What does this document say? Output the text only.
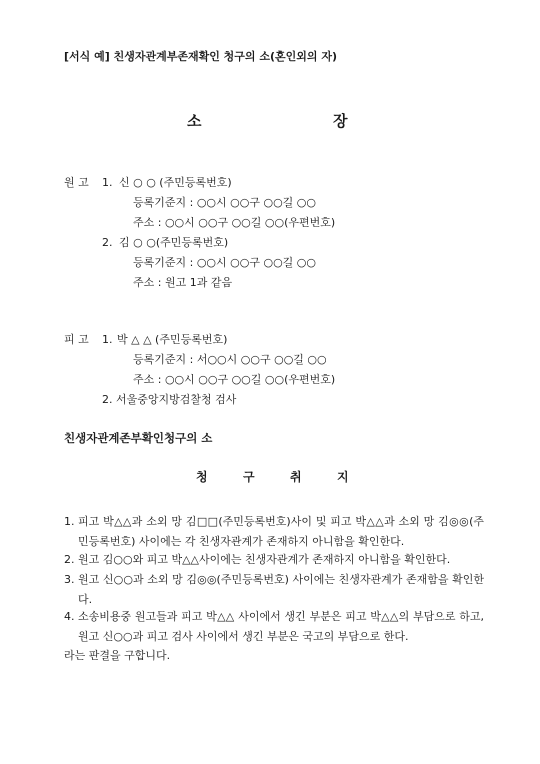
[서식 예] 친생자관계부존재확인 청구의 소(혼인외의 자)
소	장
원 고 1. 신 ○ ○ (주민등록번호)
등록기준지 : ○○시 ○○구 ○○길 ○○
주소 : ○○시 ○○구 ○○길 ○○(우편번호)
2. 김 ○ ○(주민등록번호)
등록기준지 : ○○시 ○○구 ○○길 ○○
주소 : 원고 1과 같음
피 고 1. 박 △ △ (주민등록번호)
등록기준지 : 서○○시 ○○구 ○○길 ○○
주소 : ○○시 ○○구 ○○길 ○○(우편번호)
2. 서울중앙지방검찰청 검사
친생자관계존부확인청구의 소
청	구	취	지
1. 피고 박△△과 소외 망 김□□(주민등록번호)사이 및 피고 박△△과 소외 망 김◎◎(주민등록번호) 사이에는 각 친생자관계가 존재하지 아니함을 확인한다.
2. 원고 김○○와 피고 박△△사이에는 친생자관계가 존재하지 아니함을 확인한다.
3. 원고 신○○과 소외 망 김◎◎(주민등록번호) 사이에는 친생자관계가 존재함을 확인한다.
4. 소송비용중 원고들과 피고 박△△ 사이에서 생긴 부분은 피고 박△△의 부담으로 하고, 원고 신○○과 피고 검사 사이에서 생긴 부분은 국고의 부담으로 한다.
라는 판결을 구합니다.
